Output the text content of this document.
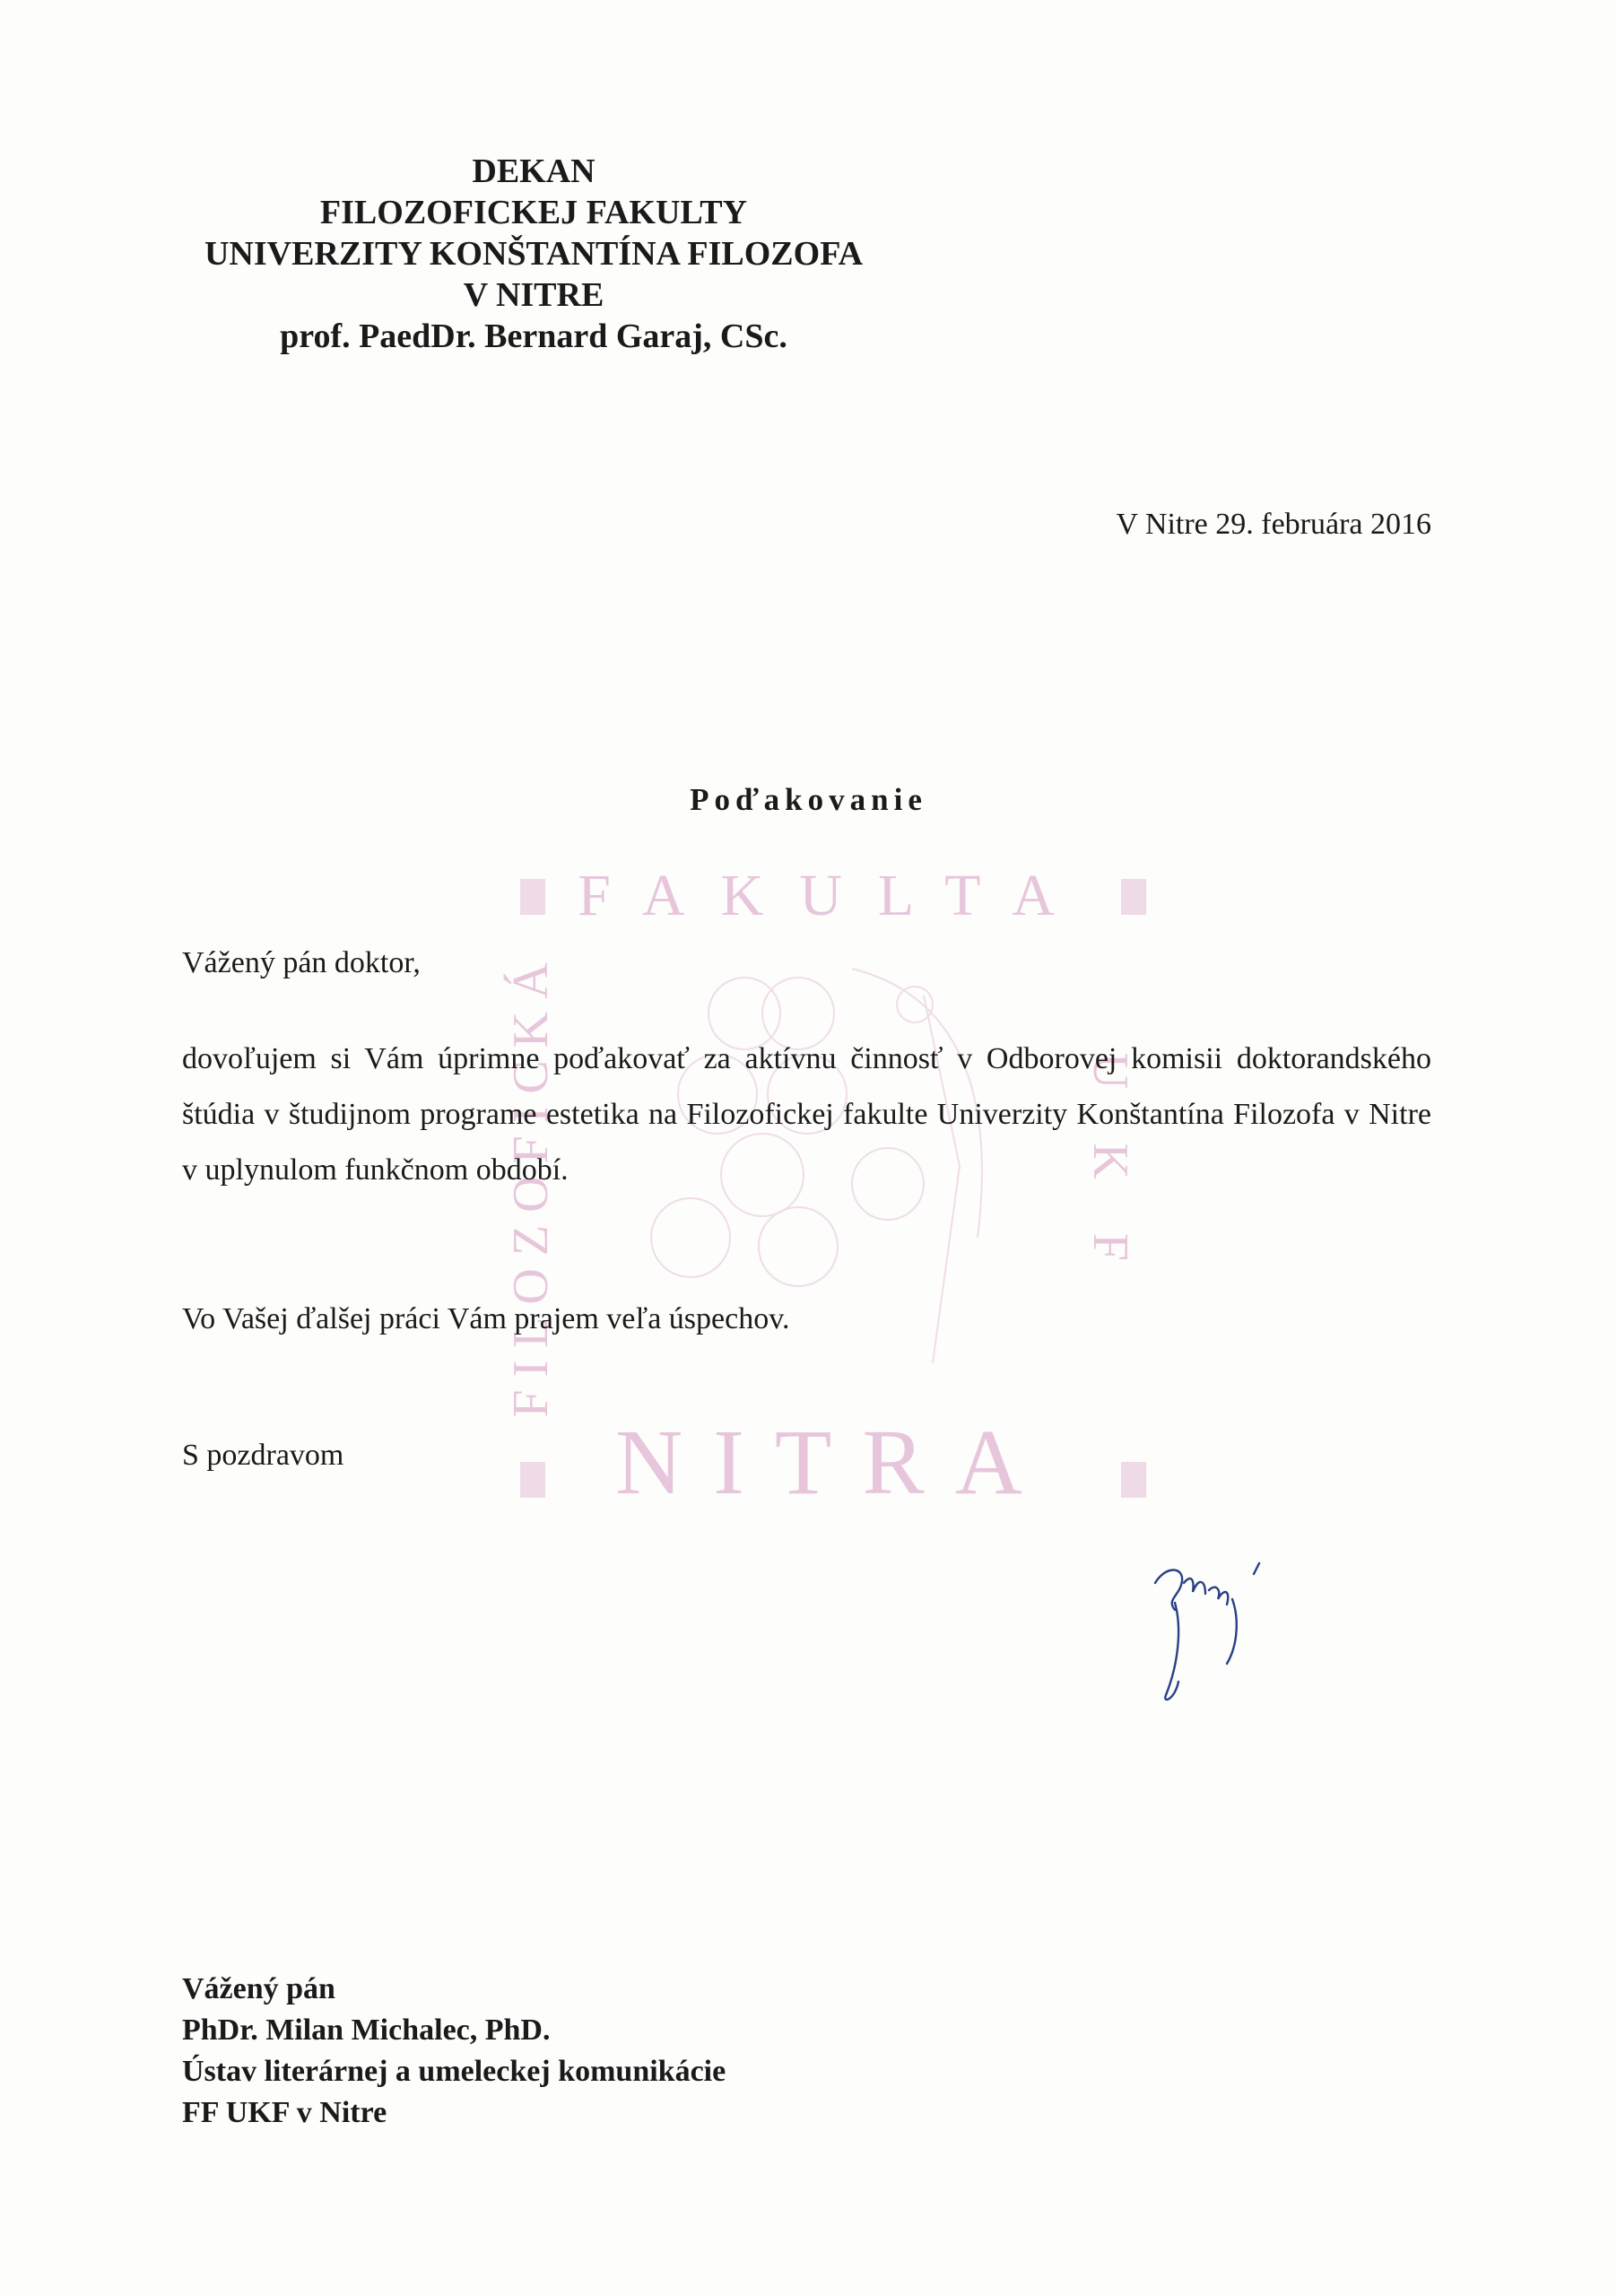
FAKULTA
NITRA
FILOZOFICKÁ	UKF
DEKAN
FILOZOFICKEJ FAKULTY
UNIVERZITY KONŠTANTÍNA FILOZOFA
V NITRE
prof. PaedDr. Bernard Garaj, CSc.
V Nitre 29. februára 2016
Poďakovanie
Vážený pán doktor,
dovoľujem si Vám úprimne poďakovať za aktívnu činnosť v Odborovej komisii doktorandského štúdia v študijnom programe estetika na Filozofickej fakulte Univerzity Konštantína Filozofa v Nitre v uplynulom funkčnom období.
Vo Vašej ďalšej práci Vám prajem veľa úspechov.
S pozdravom
Vážený pán
PhDr. Milan Michalec, PhD.
Ústav literárnej a umeleckej komunikácie
FF UKF v Nitre
